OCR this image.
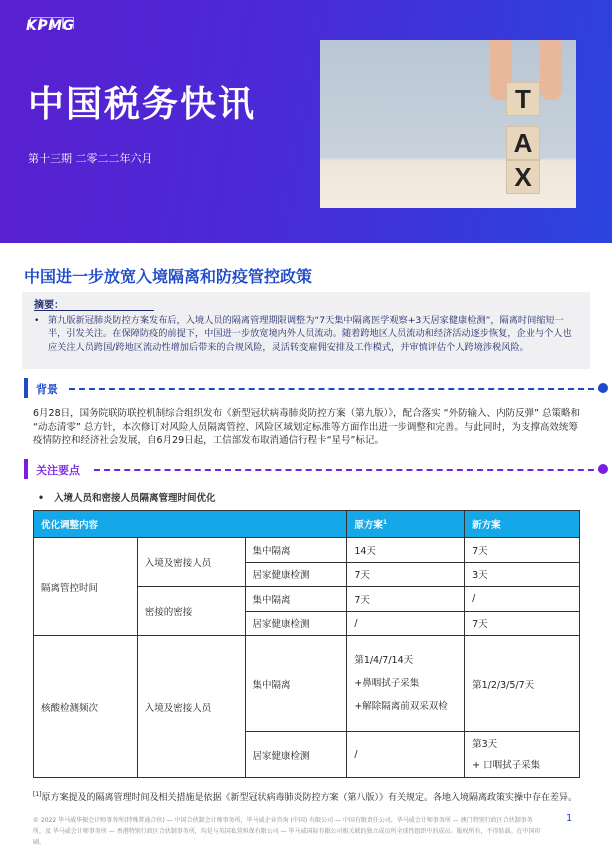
KPMG
中国税务快讯
第十三期 二零二二年六月
T
A
X
中国进一步放宽入境隔离和防疫管控政策
摘要：
• 第九版新冠肺炎防控方案发布后，入境人员的隔离管理期限调整为“7天集中隔离医学观察+3天居家健康检测”，隔离时间缩短一半，引发关注。在保障防疫的前提下，中国进一步放宽境内外人员流动。随着跨地区人员流动和经济活动逐步恢复，企业与个人也应关注人员跨国/跨地区流动性增加后带来的合规风险，灵活转变雇佣安排及工作模式，并审慎评估个人跨境涉税风险。
背景
6月28日，国务院联防联控机制综合组织发布《新型冠状病毒肺炎防控方案（第九版）》，配合落实 “外防输入、内防反弹” 总策略和 “动态清零” 总方针，本次修订对风险人员隔离管控、风险区域划定标准等方面作出进一步调整和完善。与此同时，为支撑高效统筹疫情防控和经济社会发展，自6月29日起，工信部发布取消通信行程卡“星号”标记。
关注要点
•   入境人员和密接人员隔离管理时间优化
优化调整内容			原方案$^1$	新方案
隔离管控时间	入境及密接人员	集中隔离	14天	7天
		居家健康检测	7天	3天
	密接的密接	集中隔离	7天	/
		居家健康检测	/	7天
核酸检测频次	入境及密接人员	集中隔离	第1/4/7/14天
+鼻咽拭子采集
+解除隔离前双采双检	第1/2/3/5/7天

		居家健康检测	/	第3天
+ 口咽拭子采集
[1]原方案提及的隔离管理时间及相关措施是依据《新型冠状病毒肺炎防控方案（第八版）》有关规定。各地入境隔离政策实操中存在差异。
© 2022 毕马威华振会计师事务所(特殊普通合伙) — 中国合伙制会计师事务所，毕马威企业咨询 (中国) 有限公司 — 中国有限责任公司，毕马威会计师事务所 — 澳门特别行政区合伙制事务所，及 毕马威会计师事务所 — 香港特别行政区合伙制事务所，均是与英国私营担保有限公司 — 毕马威国际有限公司相关联的独立成员所全球性组织中的成员。版权所有，不得转载。在中国印刷。
1
